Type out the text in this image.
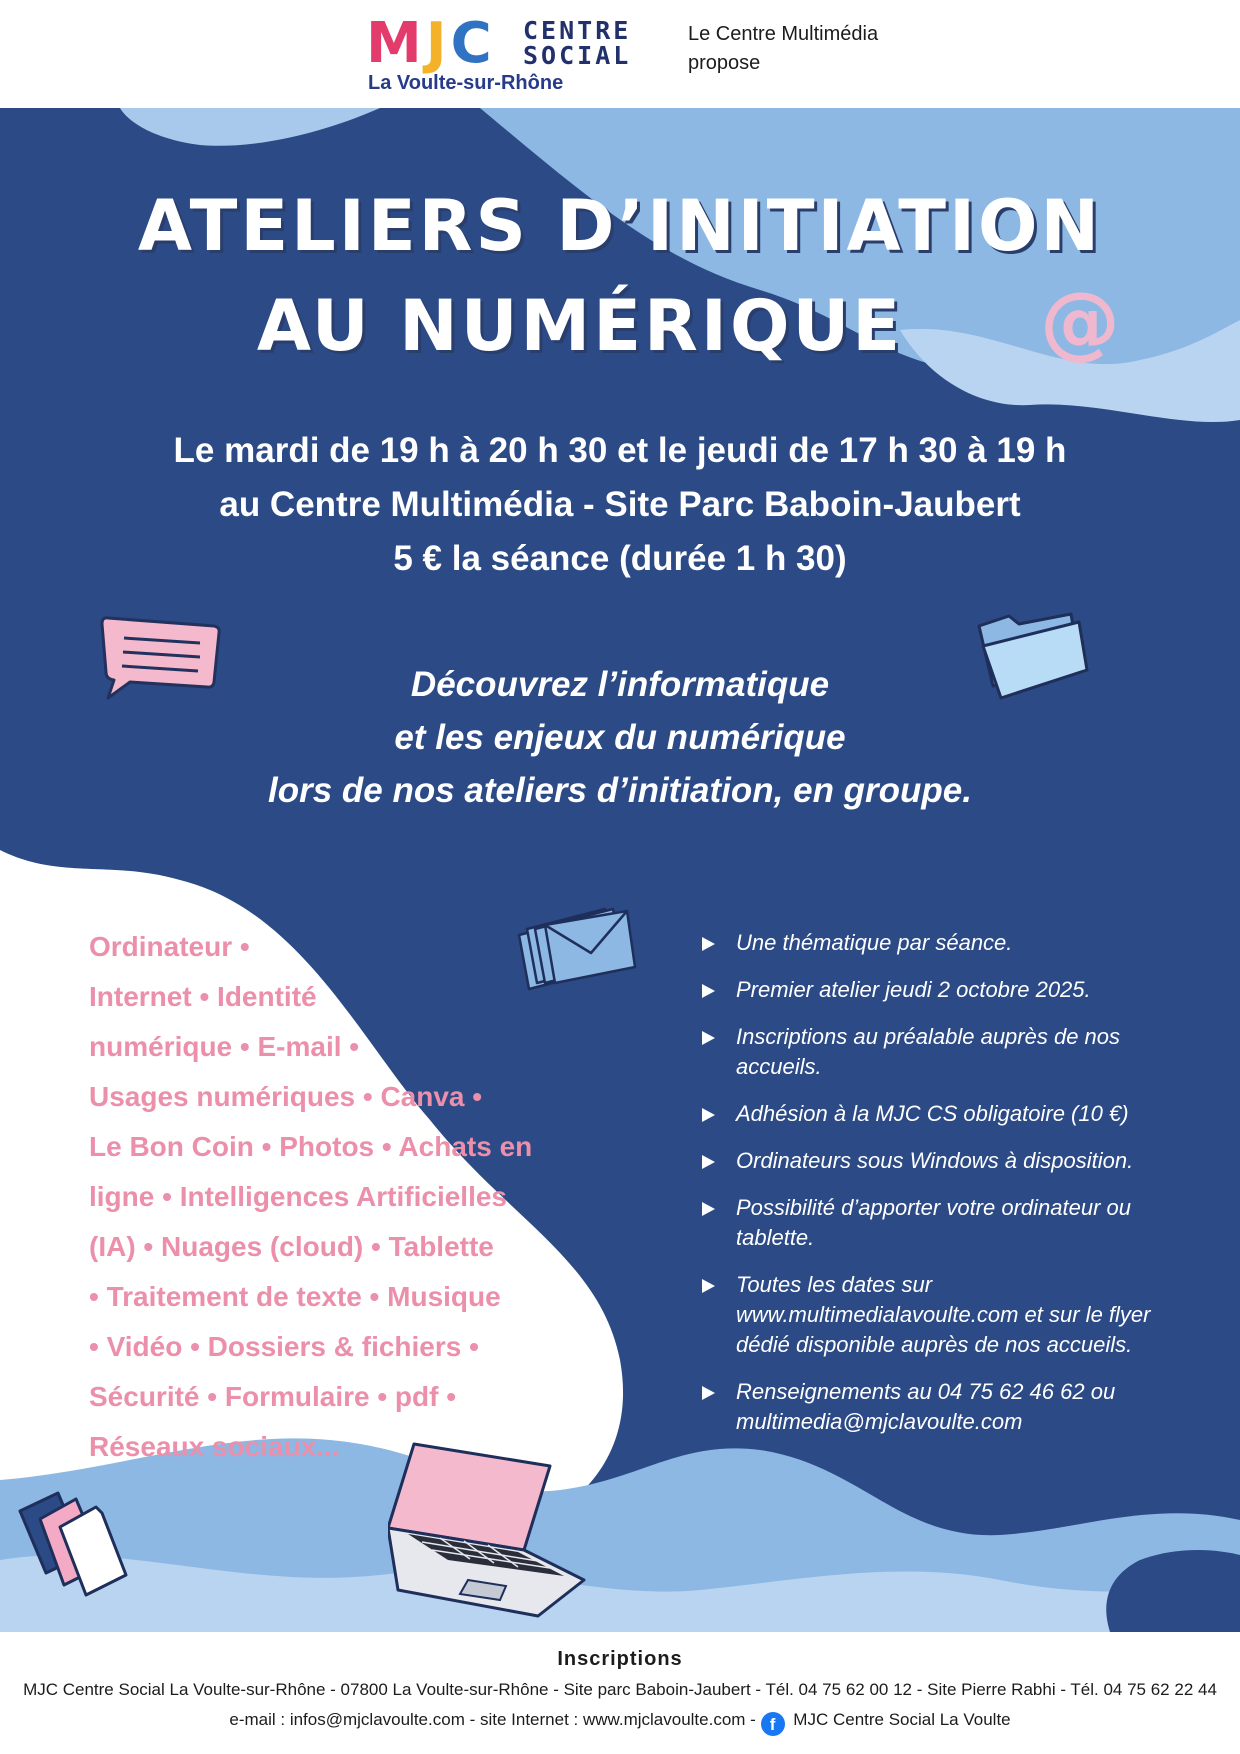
MJC CENTRE
SOCIAL
La Voulte-sur-Rhône
Le Centre Multimédia
propose
ATELIERS D’INITIATION
AU NUMÉRIQUE	@
Le mardi de 19 h à 20 h 30 et le jeudi de 17 h 30 à 19 h
au Centre Multimédia - Site Parc Baboin-Jaubert
5 € la séance (durée 1 h 30)
Découvrez l’informatique
et les enjeux du numérique
lors de nos ateliers d’initiation, en groupe.
Ordinateur •
Internet • Identité
numérique • E-mail •
Usages numériques • Canva •
Le Bon Coin • Photos • Achats en
ligne • Intelligences Artificielles
(IA) • Nuages (cloud) • Tablette
• Traitement de texte • Musique
• Vidéo • Dossiers & fichiers •
Sécurité • Formulaire • pdf •
Réseaux sociaux...
Une thématique par séance.
Premier atelier jeudi 2 octobre 2025.
Inscriptions au préalable auprès de nos accueils.
Adhésion à la MJC CS obligatoire (10 €)
Ordinateurs sous Windows à disposition.
Possibilité d’apporter votre ordinateur ou tablette.
Toutes les dates sur www.multimedialavoulte.com et sur le flyer dédié disponible auprès de nos accueils.
Renseignements au 04 75 62 46 62 ou multimedia@mjclavoulte.com
Inscriptions
MJC Centre Social La Voulte-sur-Rhône - 07800 La Voulte-sur-Rhône - Site parc Baboin-Jaubert - Tél. 04 75 62 00 12 - Site Pierre Rabhi - Tél. 04 75 62 22 44
e-mail : infos@mjclavoulte.com - site Internet : www.mjclavoulte.com - f MJC Centre Social La Voulte
